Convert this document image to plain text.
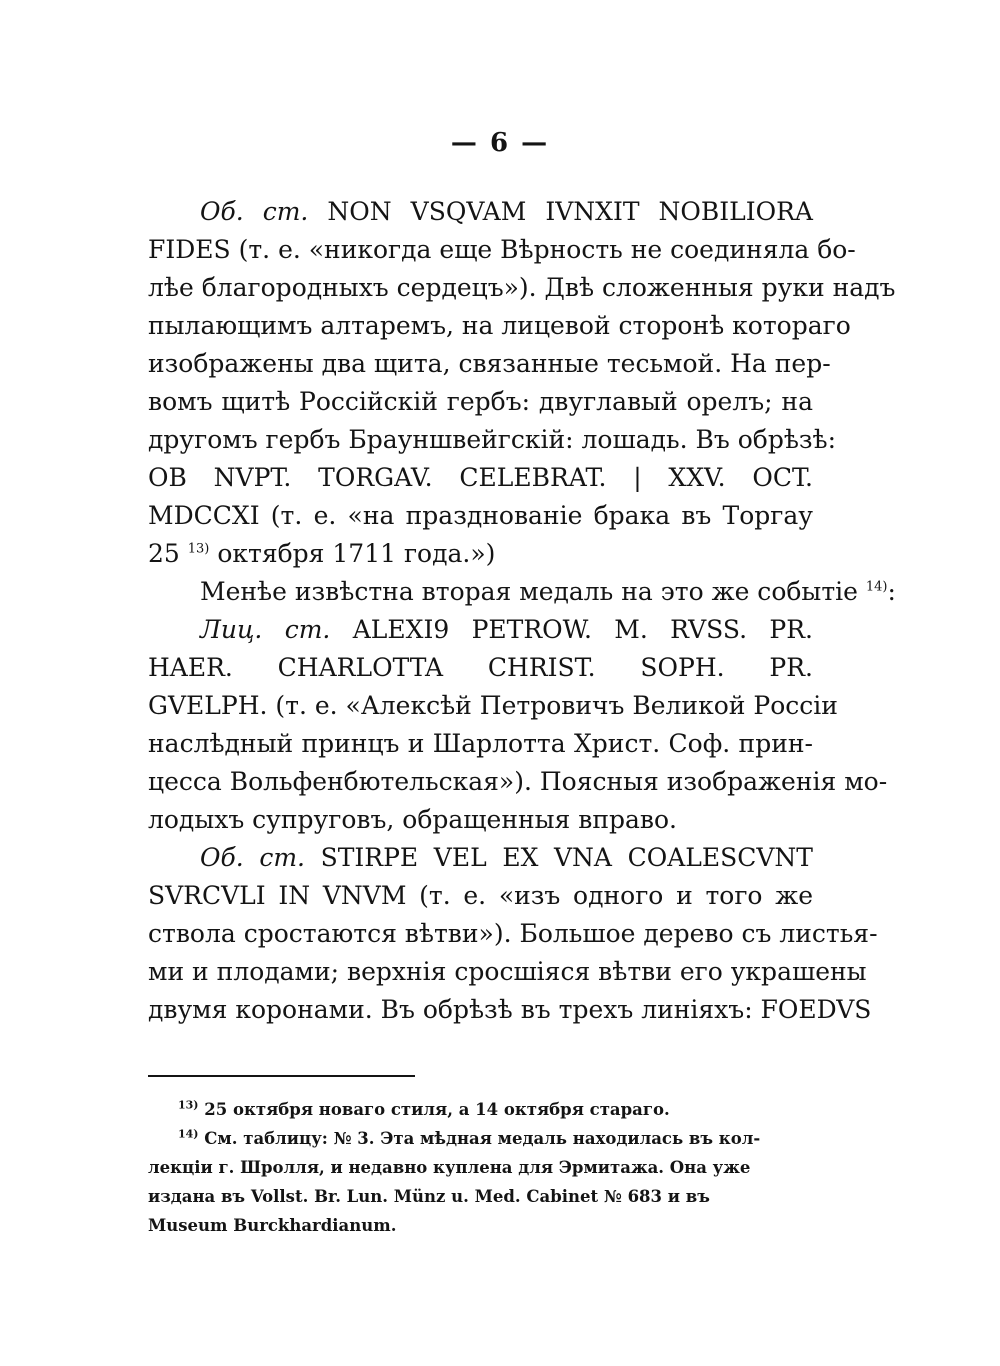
— 6 —
Об. ст. NON VSQVAM IVNXIT NOBILIORA
FIDES (т. е. «никогда еще Вѣрность не соединяла бо-
лѣе благородныхъ сердецъ»). Двѣ сложенныя руки надъ
пылающимъ алтаремъ, на лицевой сторонѣ котораго
изображены два щита, связанные тесьмой. На пер-
вомъ щитѣ Россійскій гербъ: двуглавый орелъ; на
другомъ гербъ Брауншвейгскій: лошадь. Въ обрѣзѣ:
OB NVPT. TORGAV. CELEBRAT. | XXV. OCT.
MDCCXI (т. е. «на празднованіе брака въ Торгау
25 $^{13)}$ октября 1711 года.»)
Менѣе извѣстна вторая медаль на это же событіе $^{14)}$:
Лиц. ст. ALEXI9 PETROW. M. RVSS. PR.
HAER. CHARLOTTA CHRIST. SOPH. PR.
GVELPH. (т. е. «Алексѣй Петровичъ Великой Россіи
наслѣдный принцъ и Шарлотта Христ. Соф. прин-
цесса Вольфенбютельская»). Поясныя изображенія мо-
лодыхъ супруговъ, обращенныя вправо.
Об. ст. STIRPE VEL EX VNA COALESCVNT
SVRCVLI IN VNVM (т. е. «изъ одного и того же
ствола сростаются вѣтви»). Большое дерево съ листья-
ми и плодами; верхнія сросшіяся вѣтви его украшены
двумя коронами. Въ обрѣзѣ въ трехъ линіяхъ: FOEDVS
$^{13)}$ 25 октября новаго стиля, а 14 октября стараго.
$^{14)}$ См. таблицу: № 3. Эта мѣдная медаль находилась въ кол-
лекціи г. Шролля, и недавно куплена для Эрмитажа. Она уже
издана въ Vollst. Br. Lun. Münz u. Med. Cabinet № 683 и въ
Museum Burckhardianum.
